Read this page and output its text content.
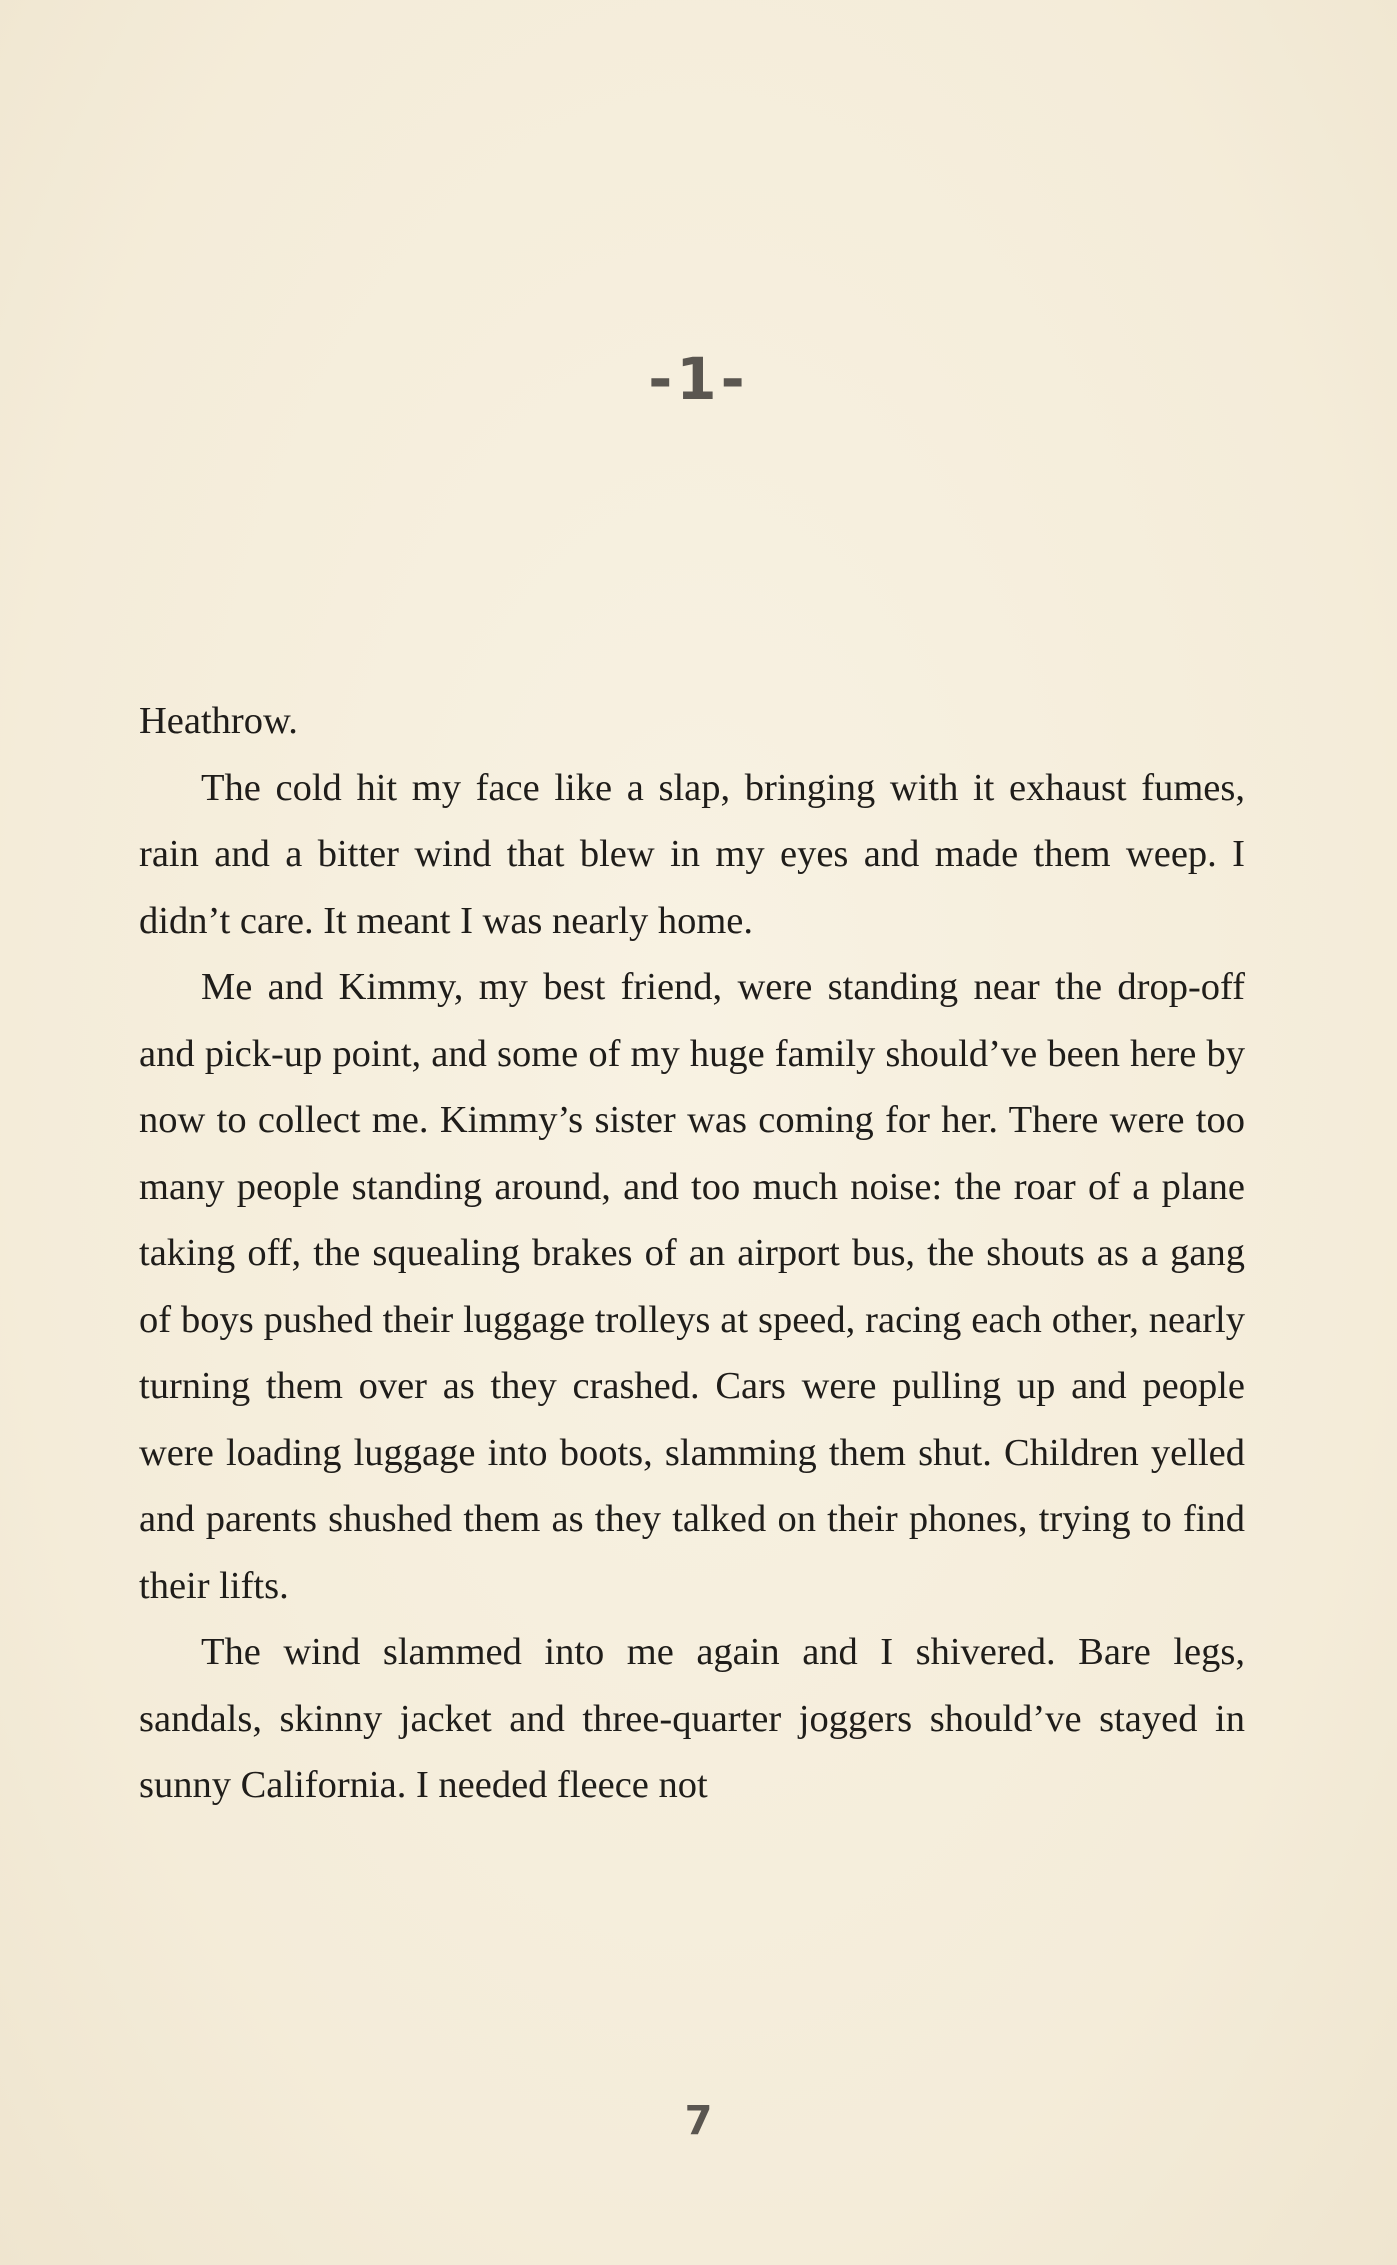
-1-

Heathrow.

The cold hit my face like a slap, bringing with it exhaust fumes, rain and a bitter wind that blew in my eyes and made them weep. I didn’t care. It meant I was nearly home.

Me and Kimmy, my best friend, were standing near the drop-off and pick-up point, and some of my huge family should’ve been here by now to collect me. Kimmy’s sister was coming for her. There were too many people standing around, and too much noise: the roar of a plane taking off, the squealing brakes of an airport bus, the shouts as a gang of boys pushed their luggage trolleys at speed, racing each other, nearly turning them over as they crashed. Cars were pulling up and people were loading luggage into boots, slamming them shut. Children yelled and parents shushed them as they talked on their phones, trying to find their lifts.

The wind slammed into me again and I shivered. Bare legs, sandals, skinny jacket and three-quarter joggers should’ve stayed in sunny California. I needed fleece not

7
